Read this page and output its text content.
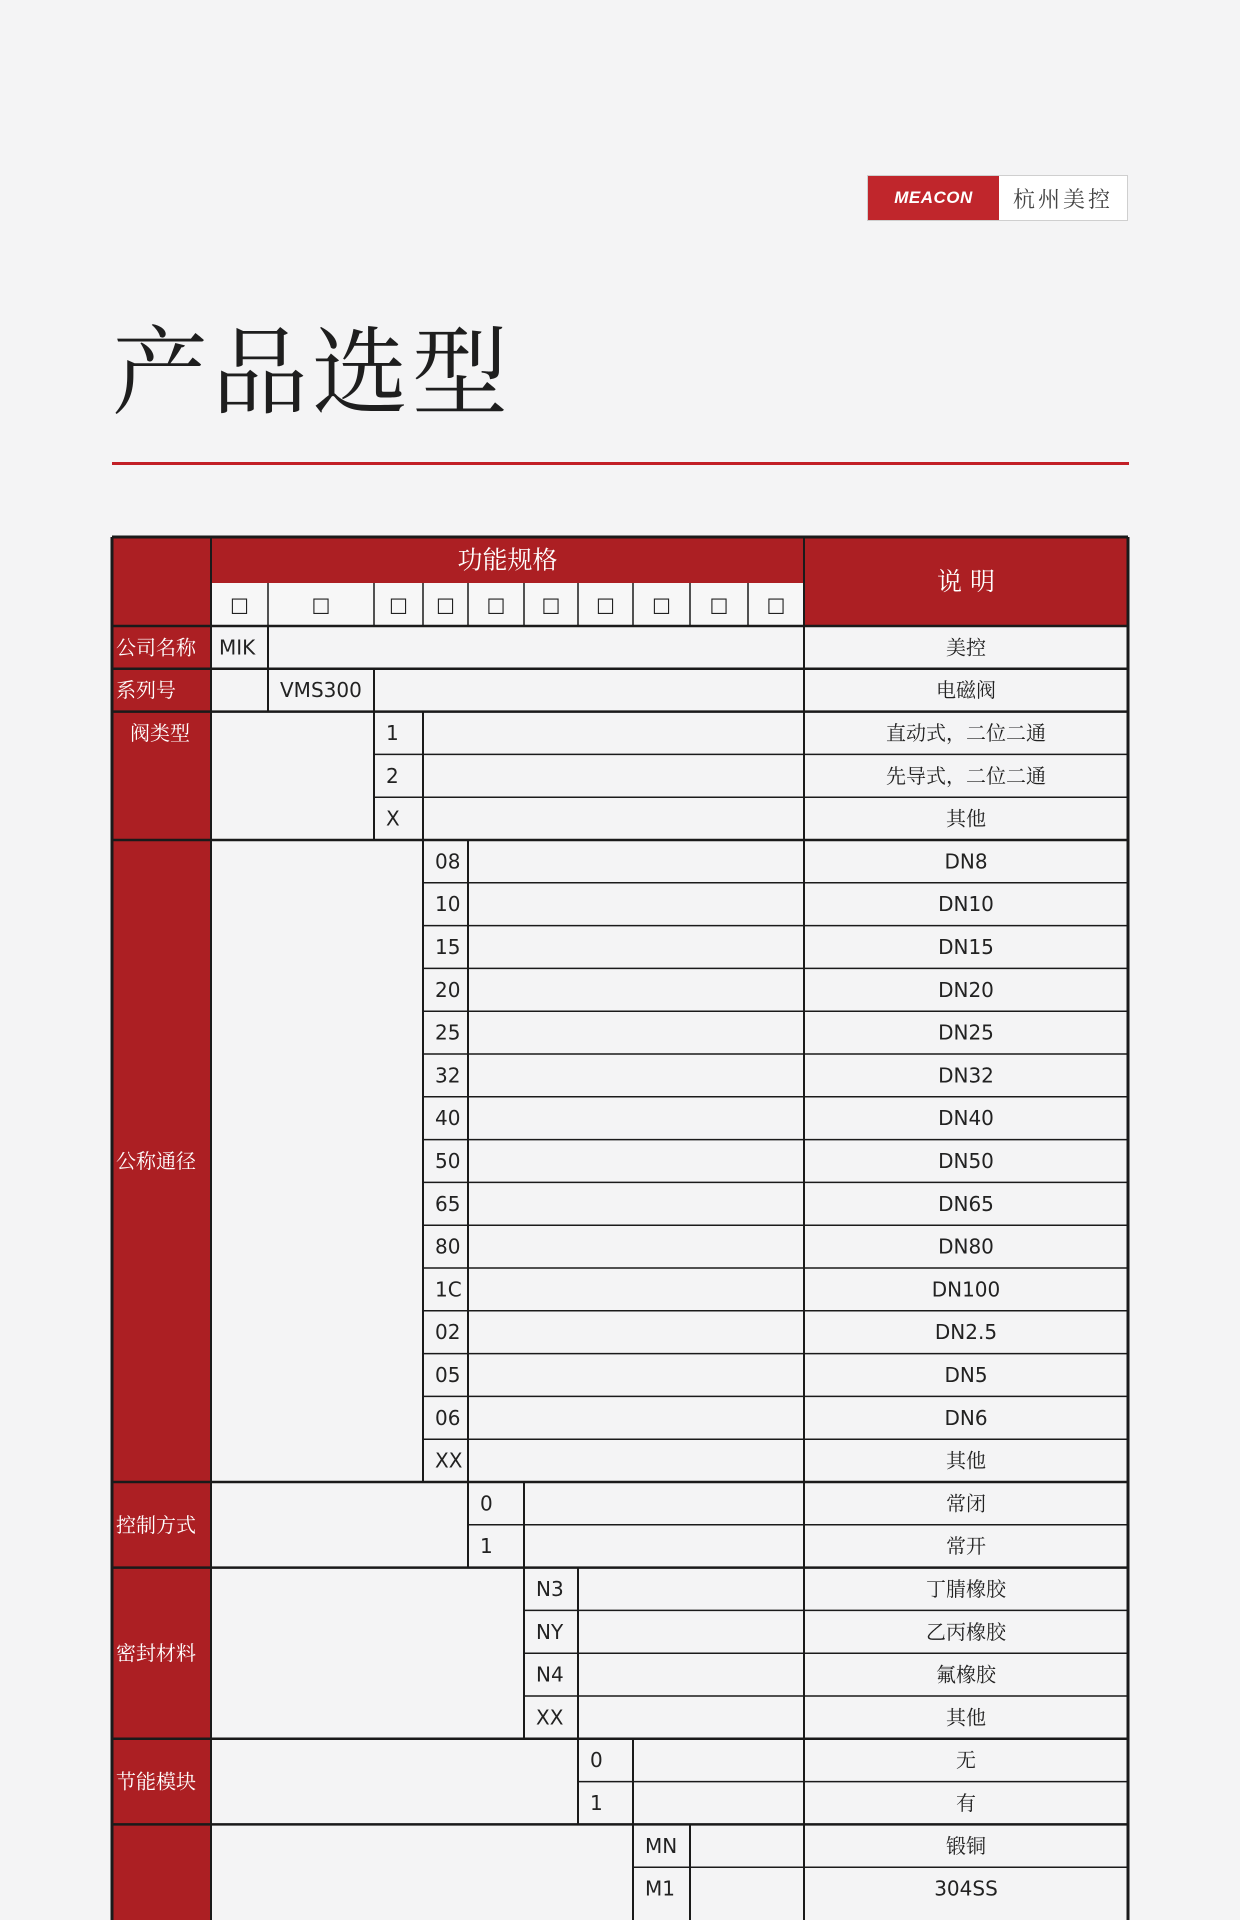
MEACON	杭州美控
产品选型
功能规格
说 明
□	□	□ □ □ □ □ □ □ □
公司名称 MIK	美控
系列号	VMS300	电磁阀
阀类型	1	直动式，二位二通
2	先导式，二位二通
X	其他
公称通径
08	DN8
10	DN10
15	DN15
20	DN20
25	DN25
32	DN32
40	DN40
50	DN50
65	DN65
80	DN80
1C	DN100
02	DN2.5
05	DN5
06	DN6
XX	其他
控制方式
0	常闭
1	常开
密封材料
N3	丁腈橡胶
NY	乙丙橡胶
N4	氟橡胶
XX	其他
节能模块
0	无
1	有
MN	锻铜
M1	304SS
